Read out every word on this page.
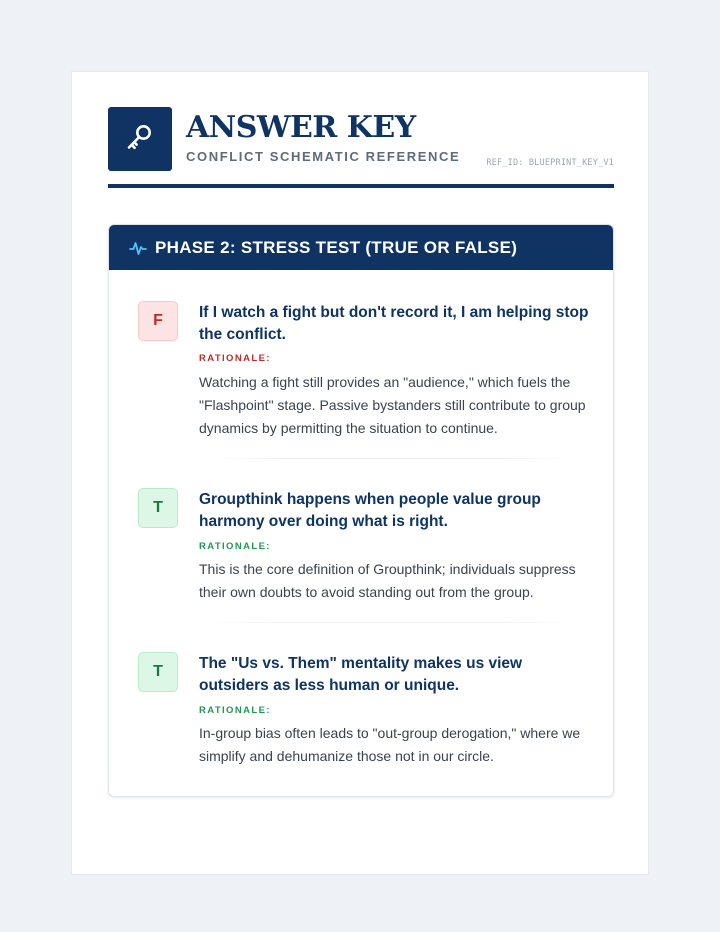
ANSWER KEY
CONFLICT SCHEMATIC REFERENCE	REF_ID: BLUEPRINT_KEY_V1
PHASE 2: STRESS TEST (TRUE OR FALSE)
F	If I watch a fight but don't record it, I am helping stop the conflict.
RATIONALE:
Watching a fight still provides an "audience," which fuels the "Flashpoint" stage. Passive bystanders still contribute to group dynamics by permitting the situation to continue.
T	Groupthink happens when people value group harmony over doing what is right.
RATIONALE:
This is the core definition of Groupthink; individuals suppress their own doubts to avoid standing out from the group.
T	The "Us vs. Them" mentality makes us view outsiders as less human or unique.
RATIONALE:
In-group bias often leads to "out-group derogation," where we simplify and dehumanize those not in our circle.
